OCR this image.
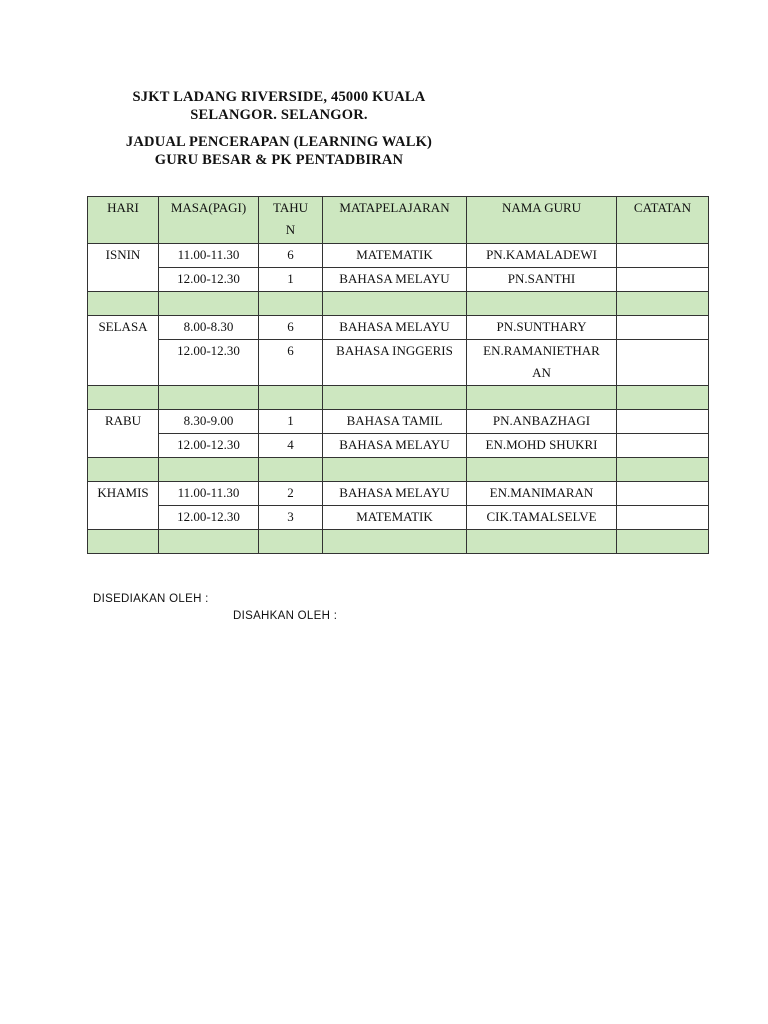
SJKT LADANG RIVERSIDE, 45000 KUALA
SELANGOR. SELANGOR.
JADUAL PENCERAPAN (LEARNING WALK)
GURU BESAR & PK PENTADBIRAN
HARI	MASA(PAGI)	TAHU
N	MATAPELAJARAN	NAMA GURU	CATATAN
ISNIN	11.00-11.30	6	MATEMATIK	PN.KAMALADEWI	
	12.00-12.30	1	BAHASA MELAYU	PN.SANTHI	

SELASA	8.00-8.30	6	BAHASA MELAYU	PN.SUNTHARY	
	12.00-12.30	6	BAHASA INGGERIS	EN.RAMANIETHAR
AN	

RABU	8.30-9.00	1	BAHASA TAMIL	PN.ANBAZHAGI	
	12.00-12.30	4	BAHASA MELAYU	EN.MOHD SHUKRI	

KHAMIS	11.00-11.30	2	BAHASA MELAYU	EN.MANIMARAN	
	12.00-12.30	3	MATEMATIK	CIK.TAMALSELVE	

DISEDIAKAN OLEH :
DISAHKAN OLEH :
